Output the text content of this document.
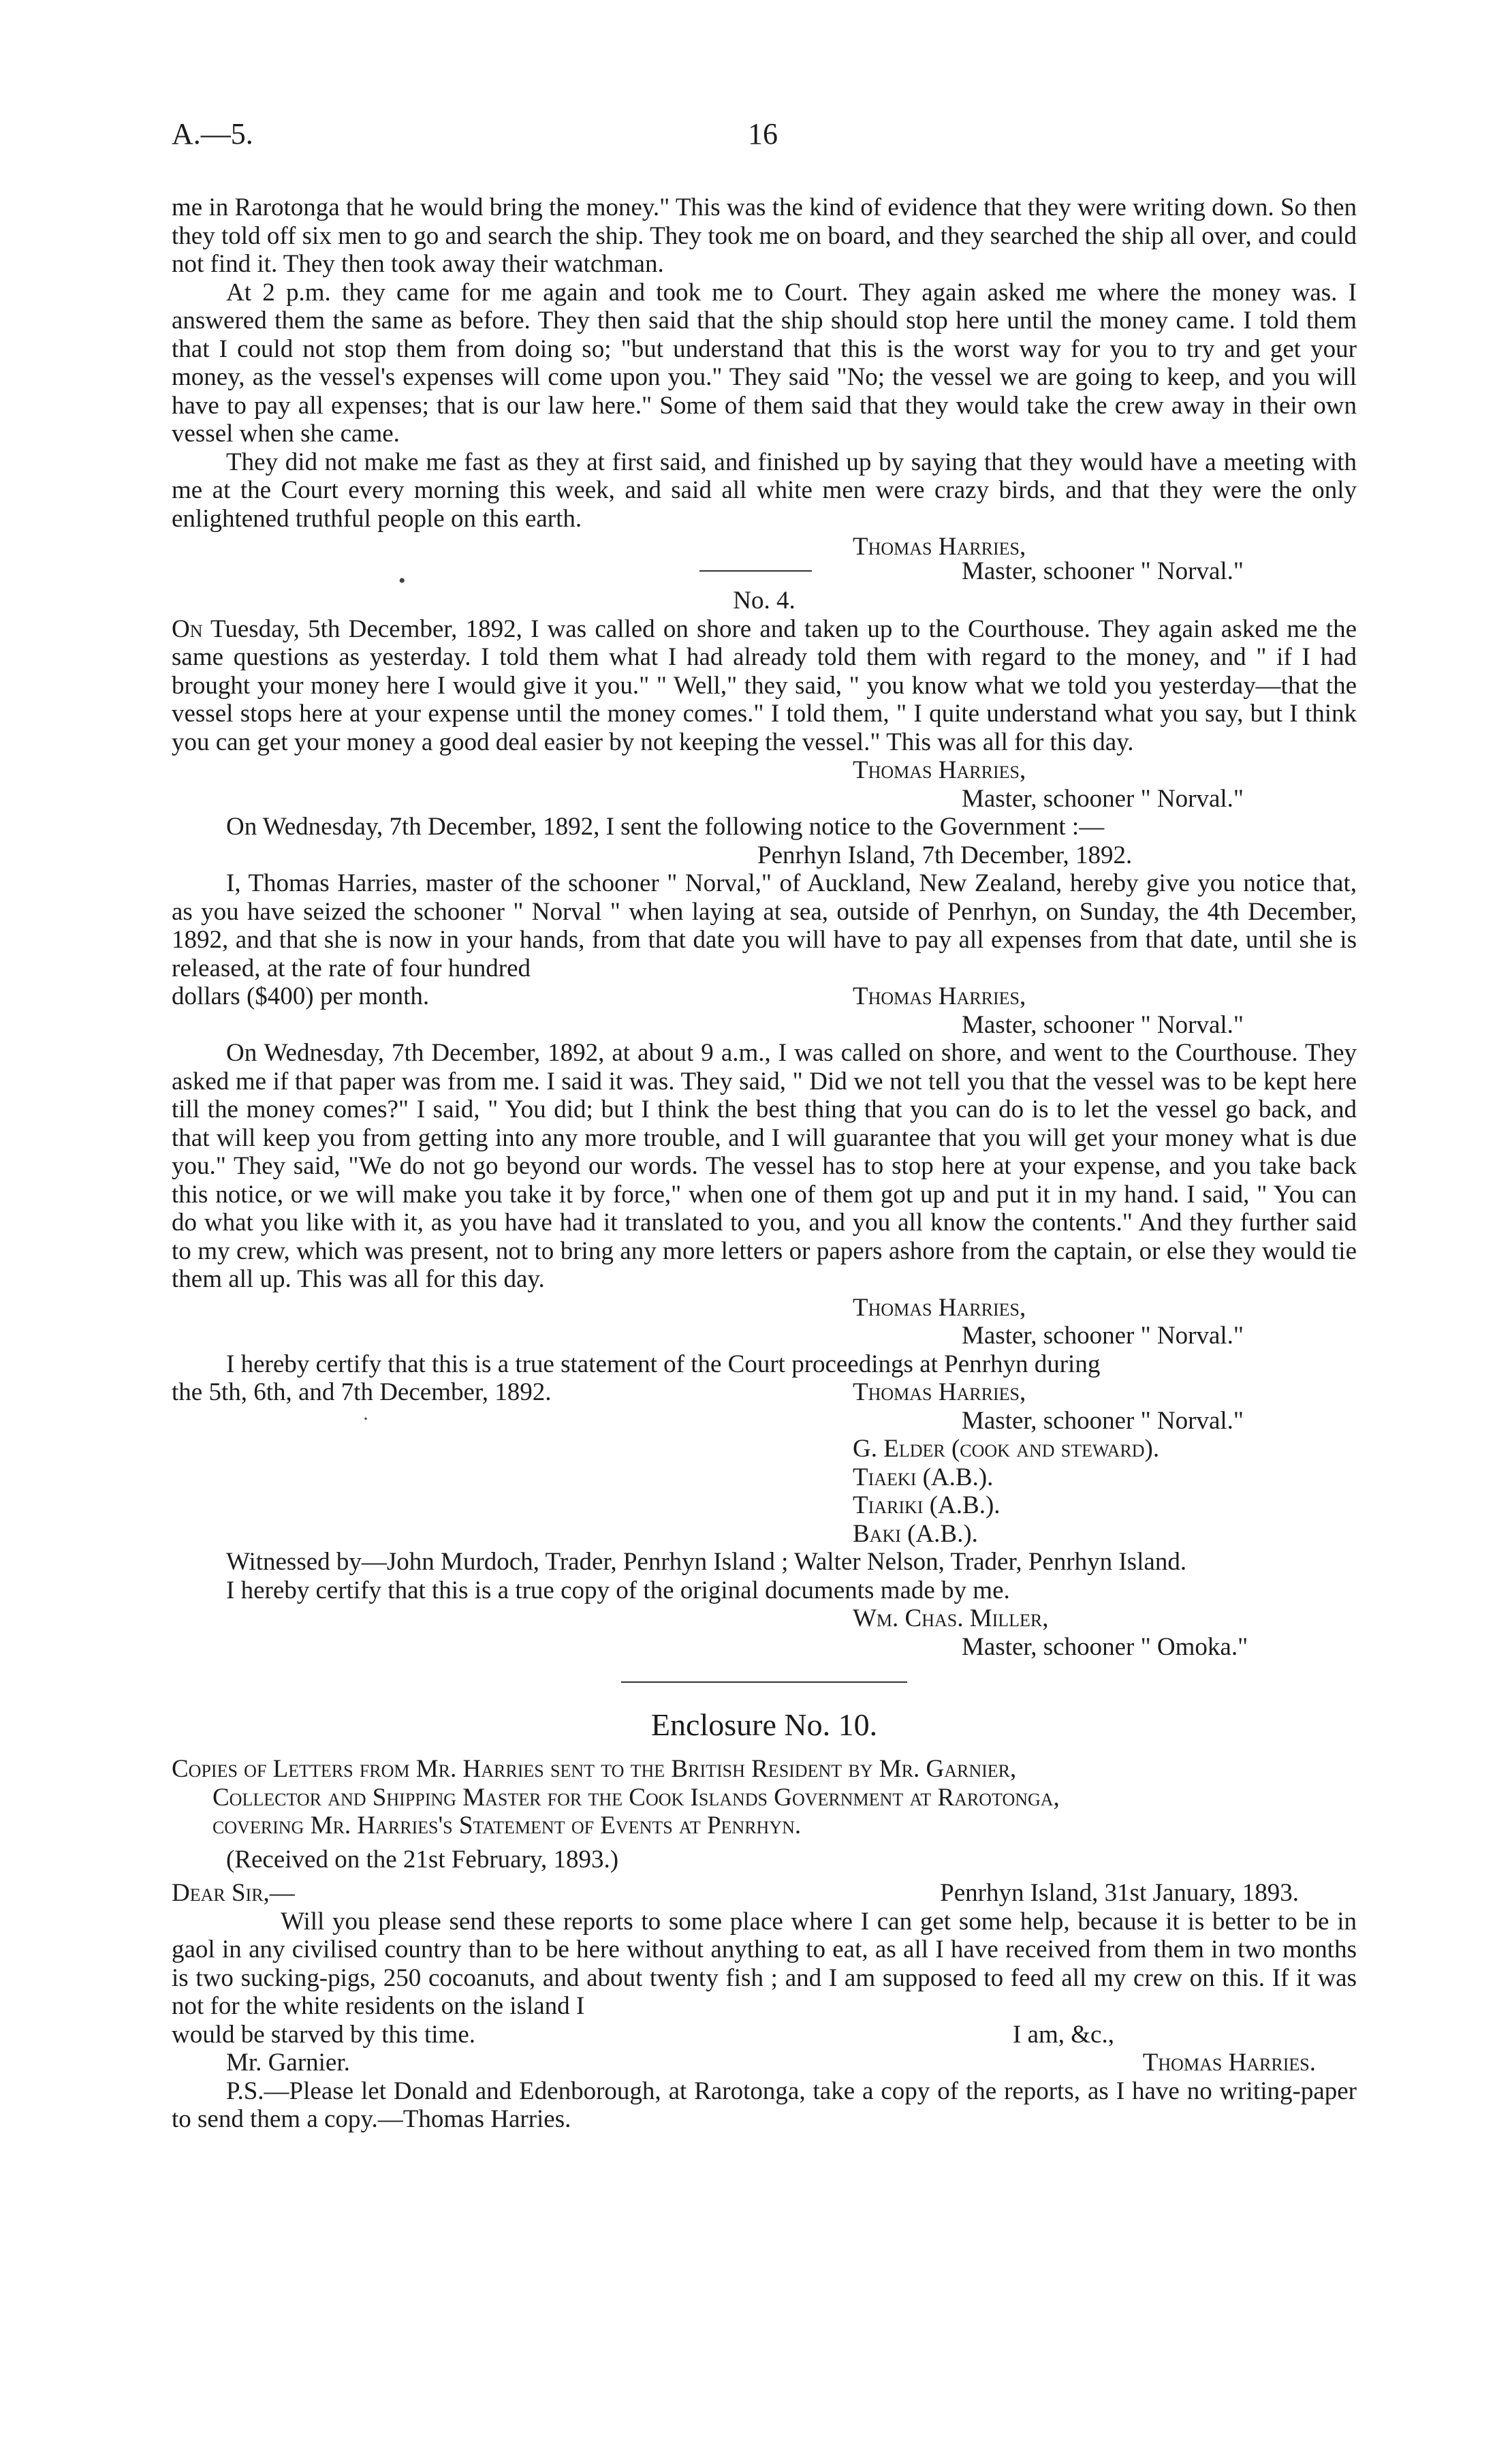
A.—5.	16
•
·

me in Rarotonga that he would bring the money." This was the kind of evidence that they were writing down. So then they told off six men to go and search the ship. They took me on board, and they searched the ship all over, and could not find it. They then took away their watchman.

At 2 p.m. they came for me again and took me to Court. They again asked me where the money was. I answered them the same as before. They then said that the ship should stop here until the money came. I told them that I could not stop them from doing so; "but understand that this is the worst way for you to try and get your money, as the vessel's expenses will come upon you." They said "No; the vessel we are going to keep, and you will have to pay all expenses; that is our law here." Some of them said that they would take the crew away in their own vessel when she came.

They did not make me fast as they at first said, and finished up by saying that they would have a meeting with me at the Court every morning this week, and said all white men were crazy birds, and that they were the only enlightened truthful people on this earth.

Thomas Harries,

Master, schooner " Norval."

No. 4.

On Tuesday, 5th December, 1892, I was called on shore and taken up to the Courthouse. They again asked me the same questions as yesterday. I told them what I had already told them with regard to the money, and " if I had brought your money here I would give it you." " Well," they said, " you know what we told you yesterday—that the vessel stops here at your expense until the money comes." I told them, " I quite understand what you say, but I think you can get your money a good deal easier by not keeping the vessel." This was all for this day.

Thomas Harries,

Master, schooner " Norval."

On Wednesday, 7th December, 1892, I sent the following notice to the Government :—

Penrhyn Island, 7th December, 1892.

I, Thomas Harries, master of the schooner " Norval," of Auckland, New Zealand, hereby give you notice that, as you have seized the schooner " Norval " when laying at sea, outside of Penrhyn, on Sunday, the 4th December, 1892, and that she is now in your hands, from that date you will have to pay all expenses from that date, until she is released, at the rate of four hundred

dollars ($400) per month.	Thomas Harries,

Master, schooner " Norval."

On Wednesday, 7th December, 1892, at about 9 a.m., I was called on shore, and went to the Courthouse. They asked me if that paper was from me. I said it was. They said, " Did we not tell you that the vessel was to be kept here till the money comes?" I said, " You did; but I think the best thing that you can do is to let the vessel go back, and that will keep you from getting into any more trouble, and I will guarantee that you will get your money what is due you." They said, "We do not go beyond our words. The vessel has to stop here at your expense, and you take back this notice, or we will make you take it by force," when one of them got up and put it in my hand. I said, " You can do what you like with it, as you have had it translated to you, and you all know the contents." And they further said to my crew, which was present, not to bring any more letters or papers ashore from the captain, or else they would tie them all up. This was all for this day.

Thomas Harries,

Master, schooner " Norval."

I hereby certify that this is a true statement of the Court proceedings at Penrhyn during

the 5th, 6th, and 7th December, 1892.	Thomas Harries,

Master, schooner " Norval."

G. Elder (cook and steward).

Tiaeki (A.B.).

Tiariki (A.B.).

Baki (A.B.).

Witnessed by—John Murdoch, Trader, Penrhyn Island ; Walter Nelson, Trader, Penrhyn Island.

I hereby certify that this is a true copy of the original documents made by me.

Wm. Chas. Miller,

Master, schooner " Omoka."

Enclosure No. 10.

Copies of Letters from Mr. Harries sent to the British Resident by Mr. Garnier,

Collector and Shipping Master for the Cook Islands Government at Rarotonga,

covering Mr. Harries's Statement of Events at Penrhyn.

(Received on the 21st February, 1893.)

Dear Sir,—	Penrhyn Island, 31st January, 1893.

Will you please send these reports to some place where I can get some help, because it is better to be in gaol in any civilised country than to be here without anything to eat, as all I have received from them in two months is two sucking-pigs, 250 cocoanuts, and about twenty fish ; and I am supposed to feed all my crew on this. If it was not for the white residents on the island I

would be starved by this time.	I am, &c.,
Mr. Garnier.	Thomas Harries.

P.S.—Please let Donald and Edenborough, at Rarotonga, take a copy of the reports, as I have no writing-paper to send them a copy.—Thomas Harries.
